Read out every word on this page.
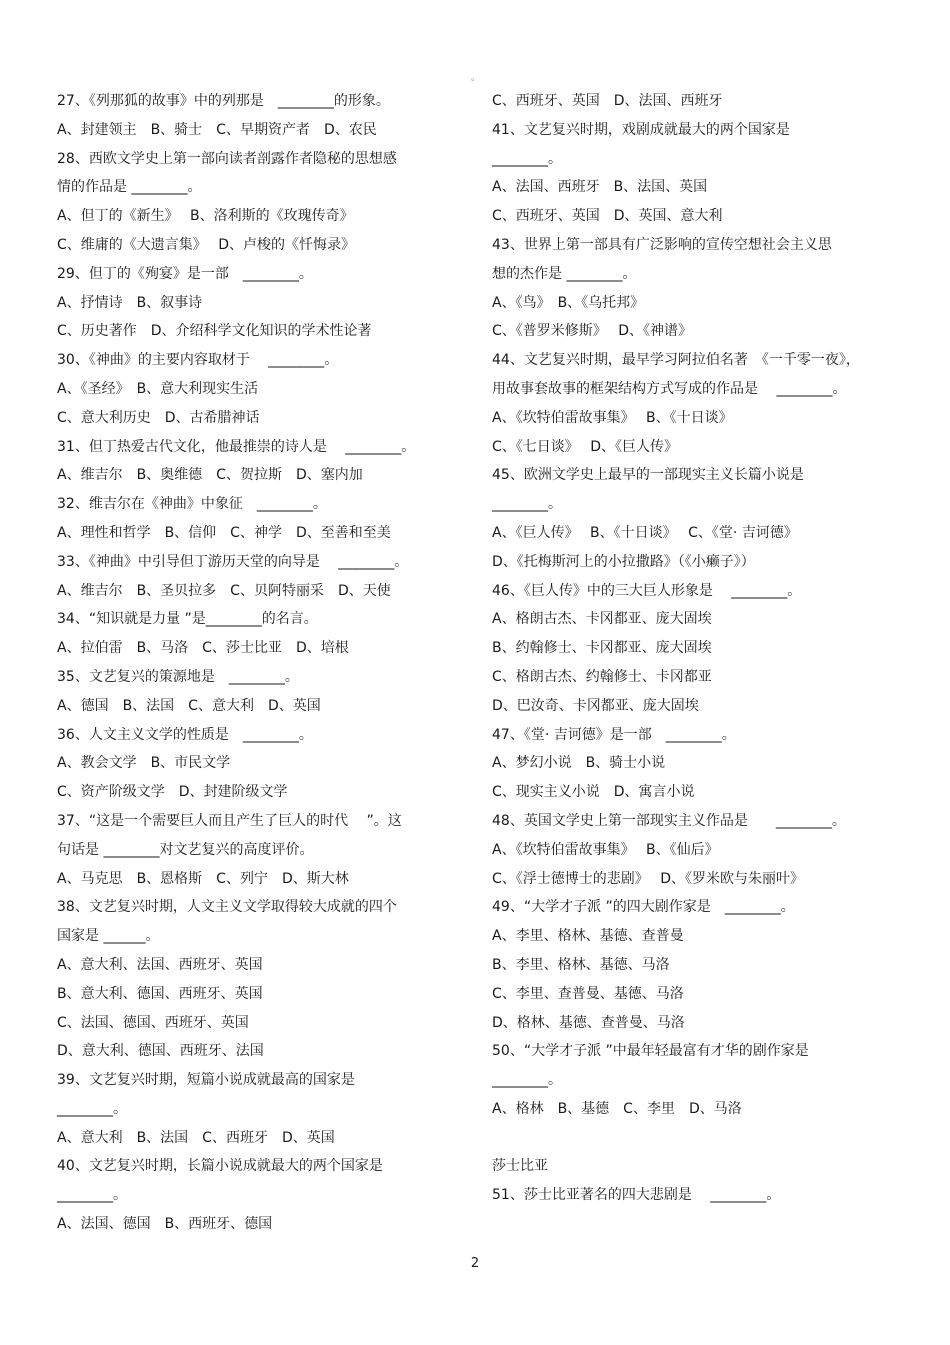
。
27、《列那狐的故事》中的列那是　________的形象。
A、封建领主　B、骑士　C、早期资产者　D、农民
28、西欧文学史上第一部向读者剖露作者隐秘的思想感
情的作品是 ________。
A、但丁的《新生》　 B、洛利斯的《玫瑰传奇》
C、维庸的《大遗言集》　 D、卢梭的《忏悔录》
29、但丁的《殉宴》是一部　________。
A、抒情诗　B、叙事诗
C、历史著作　D、介绍科学文化知识的学术性论著
30、《神曲》的主要内容取材于　 ________。
A、《圣经》　B、意大利现实生活
C、意大利历史　D、古希腊神话
31、但丁热爱古代文化，他最推崇的诗人是　 ________。
A、维吉尔　B、奥维德　C、贺拉斯　D、塞内加
32、维吉尔在《神曲》中象征　________。
A、理性和哲学　B、信仰　C、神学　D、至善和至美
33、《神曲》中引导但丁游历天堂的向导是　 ________。
A、维吉尔　B、圣贝拉多　C、贝阿特丽采　D、天使
34、“知识就是力量 ”是________的名言。
A、拉伯雷　B、马洛　C、莎士比亚　D、培根
35、文艺复兴的策源地是　________。
A、德国　B、法国　C、意大利　D、英国
36、人文主义文学的性质是　________。
A、教会文学　B、市民文学
C、资产阶级文学　D、封建阶级文学
37、“这是一个需要巨人而且产生了巨人的时代　 ”。这
句话是 ________对文艺复兴的高度评价。
A、马克思　B、恩格斯　C、列宁　D、斯大林
38、文艺复兴时期，人文主义文学取得较大成就的四个
国家是 ______。
A、意大利、法国、西班牙、英国
B、意大利、德国、西班牙、英国
C、法国、德国、西班牙、英国
D、意大利、德国、西班牙、法国
39、文艺复兴时期，短篇小说成就最高的国家是
________。
A、意大利　B、法国　C、西班牙　D、英国
40、文艺复兴时期，长篇小说成就最大的两个国家是
________。
A、法国、德国　B、西班牙、德国
C、西班牙、英国　D、法国、西班牙
41、文艺复兴时期，戏剧成就最大的两个国家是
________。
A、法国、西班牙　B、法国、英国
C、西班牙、英国　D、英国、意大利
43、世界上第一部具有广泛影响的宣传空想社会主义思
想的杰作是 ________。
A、《鸟》　B、《乌托邦》
C、《普罗米修斯》　 D、《神谱》
44、文艺复兴时期，最早学习阿拉伯名著　《一千零一夜》，
用故事套故事的框架结构方式写成的作品是　 ________。
A、《坎特伯雷故事集》　 B、《十日谈》
C、《七日谈》　 D、《巨人传》
45、欧洲文学史上最早的一部现实主义长篇小说是
________。
A、《巨人传》　 B、《十日谈》　 C、《堂· 吉诃德》
D、《托梅斯河上的小拉撒路》（《小癞子》）
46、《巨人传》中的三大巨人形象是　 ________。
A、格朗古杰、卡冈都亚、庞大固埃
B、约翰修士、卡冈都亚、庞大固埃
C、格朗古杰、约翰修士、卡冈都亚
D、巴汝奇、卡冈都亚、庞大固埃
47、《堂· 吉诃德》是一部　________。
A、梦幻小说　B、骑士小说
C、现实主义小说　D、寓言小说
48、英国文学史上第一部现实主义作品是　　________。
A、《坎特伯雷故事集》　 B、《仙后》
C、《浮士德博士的悲剧》　 D、《罗米欧与朱丽叶》
49、“大学才子派 ”的四大剧作家是　________。
A、李里、格林、基德、查普曼
B、李里、格林、基德、马洛
C、李里、查普曼、基德、马洛
D、格林、基德、查普曼、马洛
50、“大学才子派 ”中最年轻最富有才华的剧作家是
________。
A、格林　B、基德　C、李里　D、马洛
莎士比亚
51、莎士比亚著名的四大悲剧是　 ________。
2
